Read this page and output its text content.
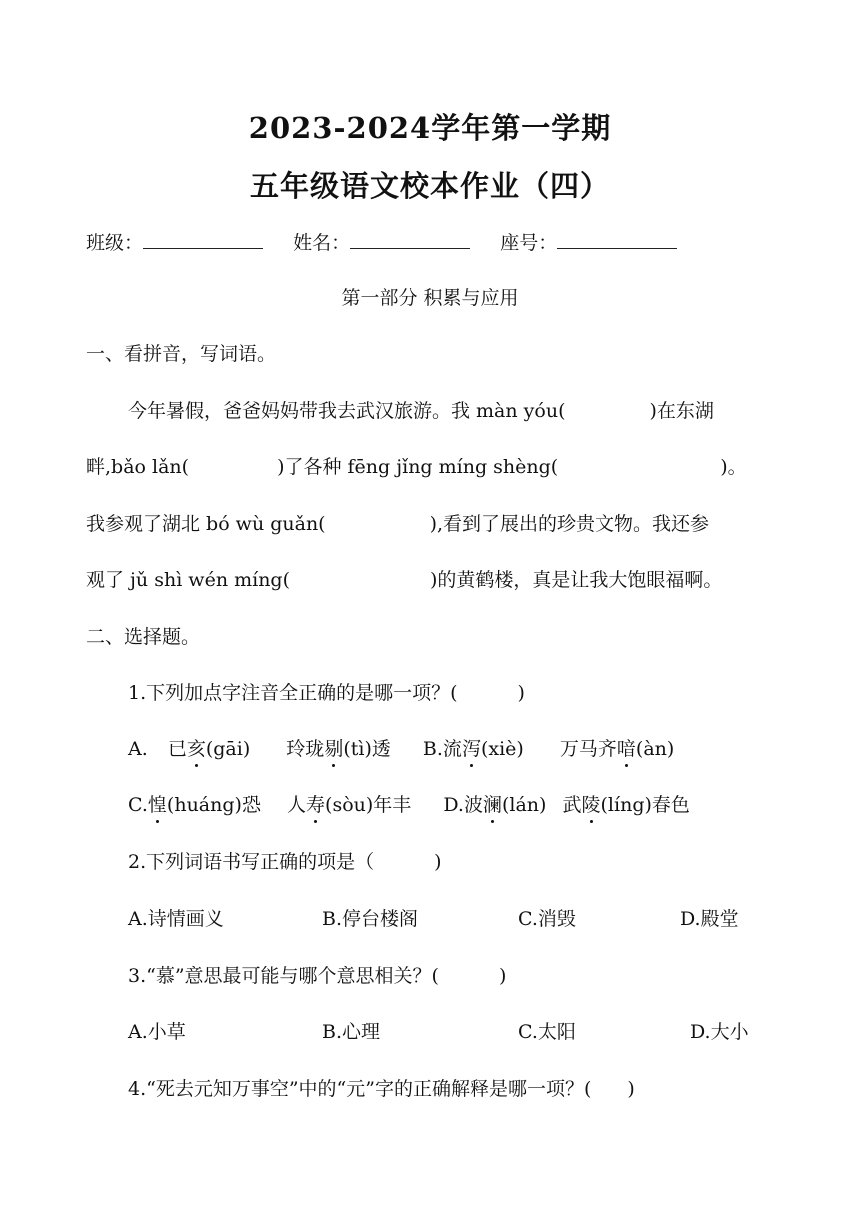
2023-2024学年第一学期
五年级语文校本作业（四）
班级：	姓名：	座号：
第一部分 积累与应用
一、看拼音，写词语。
今年暑假，爸爸妈妈带我去武汉旅游。我 màn yóu(	)在东湖
畔,bǎo lǎn(	)了各种 fēng jǐng míng shèng(	)。
我参观了湖北 bó wù guǎn(	),看到了展出的珍贵文物。我还参
观了 jǔ shì wén míng(	)的黄鹤楼，真是让我大饱眼福啊。
二、选择题。
1.下列加点字注音全正确的是哪一项？(	)
A. 已亥(gāi) 玲珑剔(tì)透 B.流泻(xiè) 万马齐喑(àn)
C.惶(huáng)恐 人寿(sòu)年丰 D.波澜(lán) 武陵(líng)春色
2.下列词语书写正确的项是（	)
A.诗情画义	B.停台楼阁	C.消毁	D.殿堂
3.“慕”意思最可能与哪个意思相关？(	)
A.小草	B.心理	C.太阳	D.大小
4.“死去元知万事空”中的“元”字的正确解释是哪一项？( )
